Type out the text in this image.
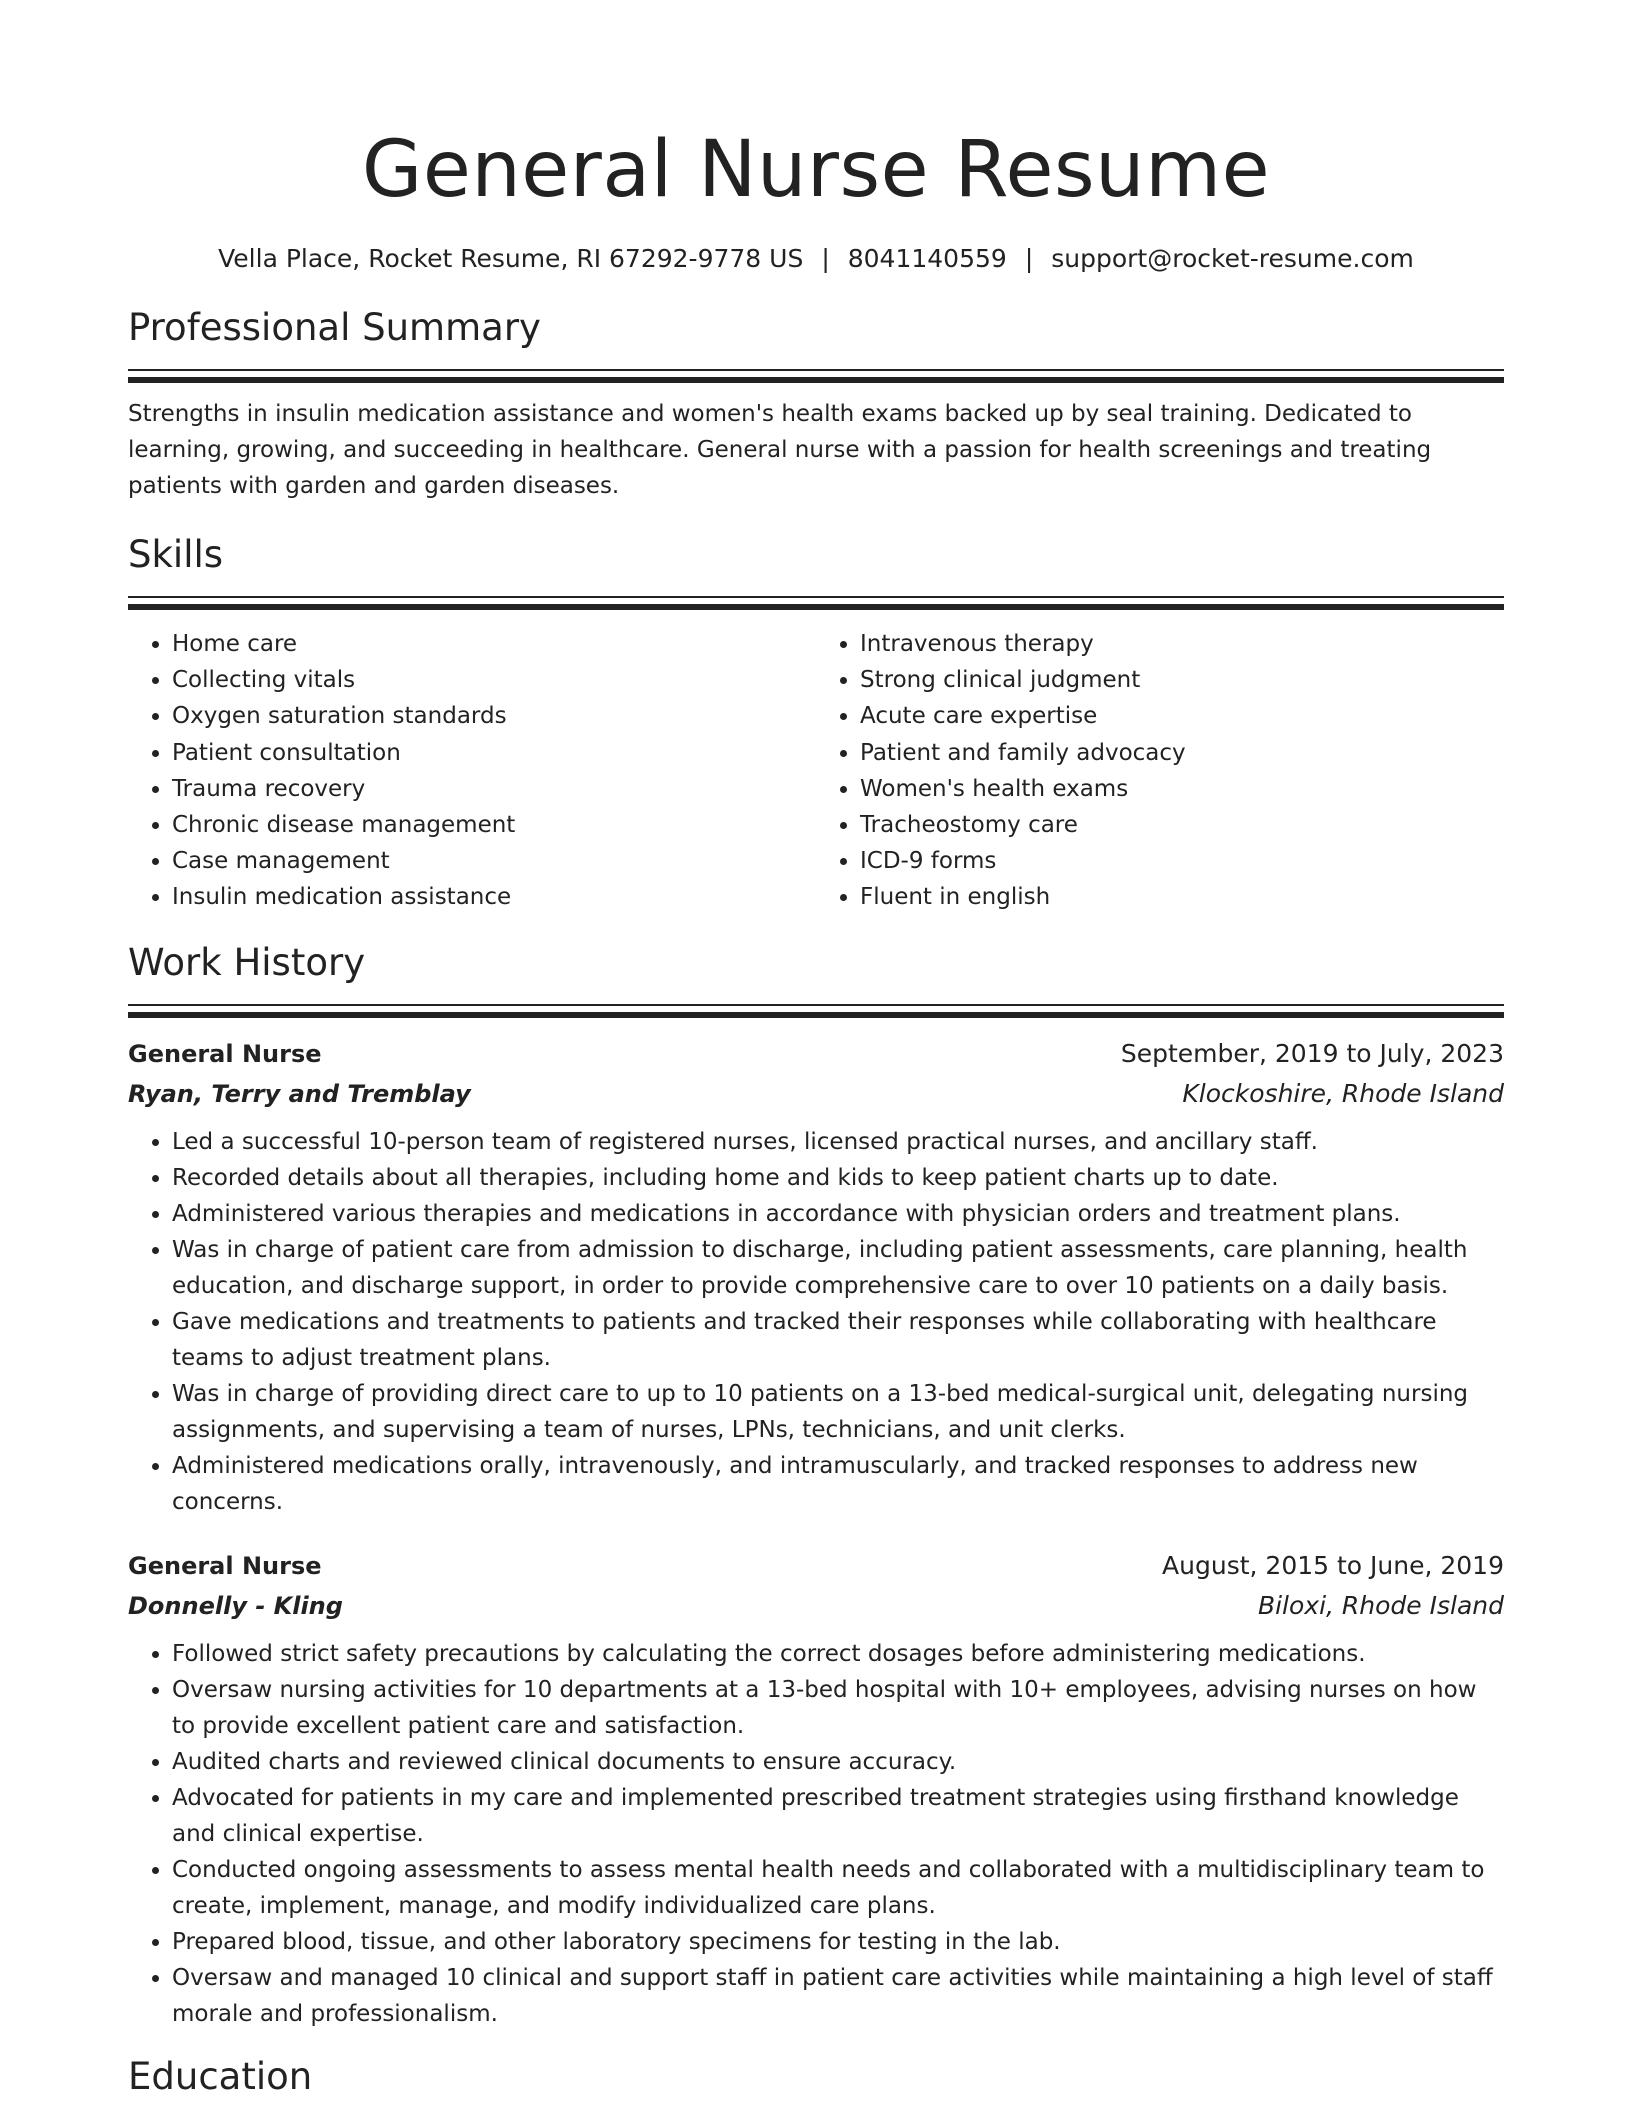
General Nurse Resume
Vella Place, Rocket Resume, RI 67292-9778 US | 8041140559 | support@rocket-resume.com
Professional Summary

Strengths in insulin medication assistance and women's health exams backed up by seal training. Dedicated to learning, growing, and succeeding in healthcare. General nurse with a passion for health screenings and treating patients with garden and garden diseases.

Skills
• Home care
• Collecting vitals
• Oxygen saturation standards
• Patient consultation
• Trauma recovery
• Chronic disease management
• Case management
• Insulin medication assistance
• Intravenous therapy
• Strong clinical judgment
• Acute care expertise
• Patient and family advocacy
• Women's health exams
• Tracheostomy care
• ICD-9 forms
• Fluent in english
Work History
General Nurse	September, 2019 to July, 2023
Ryan, Terry and Tremblay	Klockoshire, Rhode Island
• Led a successful 10-person team of registered nurses, licensed practical nurses, and ancillary staff.
• Recorded details about all therapies, including home and kids to keep patient charts up to date.
• Administered various therapies and medications in accordance with physician orders and treatment plans.
• Was in charge of patient care from admission to discharge, including patient assessments, care planning, health education, and discharge support, in order to provide comprehensive care to over 10 patients on a daily basis.
• Gave medications and treatments to patients and tracked their responses while collaborating with healthcare teams to adjust treatment plans.
• Was in charge of providing direct care to up to 10 patients on a 13-bed medical-surgical unit, delegating nursing assignments, and supervising a team of nurses, LPNs, technicians, and unit clerks.
• Administered medications orally, intravenously, and intramuscularly, and tracked responses to address new concerns.
General Nurse	August, 2015 to June, 2019
Donnelly - Kling	Biloxi, Rhode Island
• Followed strict safety precautions by calculating the correct dosages before administering medications.
• Oversaw nursing activities for 10 departments at a 13-bed hospital with 10+ employees, advising nurses on how to provide excellent patient care and satisfaction.
• Audited charts and reviewed clinical documents to ensure accuracy.
• Advocated for patients in my care and implemented prescribed treatment strategies using firsthand knowledge and clinical expertise.
• Conducted ongoing assessments to assess mental health needs and collaborated with a multidisciplinary team to create, implement, manage, and modify individualized care plans.
• Prepared blood, tissue, and other laboratory specimens for testing in the lab.
• Oversaw and managed 10 clinical and support staff in patient care activities while maintaining a high level of staff morale and professionalism.
Education
